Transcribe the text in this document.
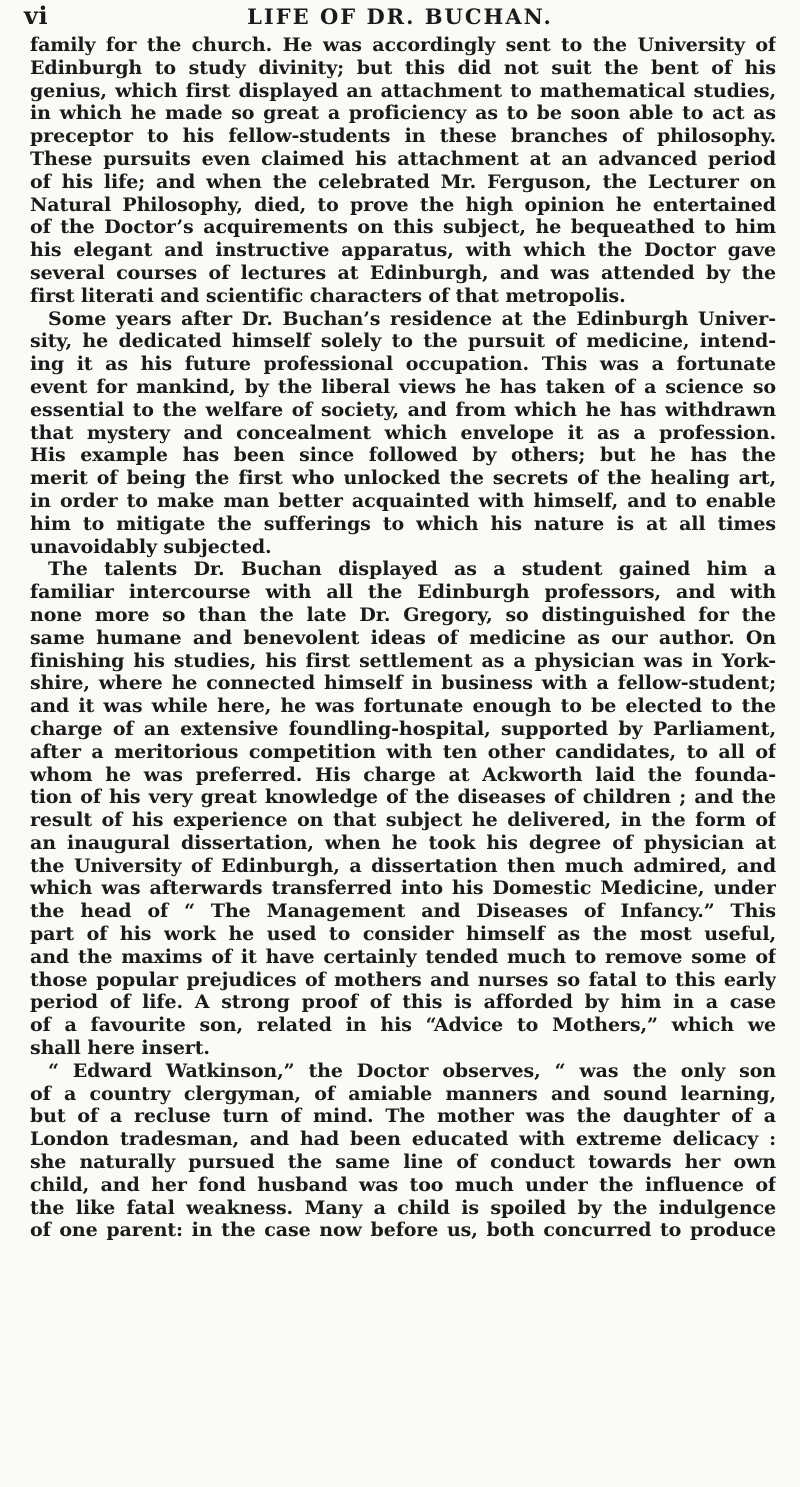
vi	LIFE OF DR. BUCHAN.
family for the church. He was accordingly sent to the University of
Edinburgh to study divinity; but this did not suit the bent of his
genius, which first displayed an attachment to mathematical studies,
in which he made so great a proficiency as to be soon able to act as
preceptor to his fellow-students in these branches of philosophy.
These pursuits even claimed his attachment at an advanced period
of his life; and when the celebrated Mr. Ferguson, the Lecturer on
Natural Philosophy, died, to prove the high opinion he entertained
of the Doctor’s acquirements on this subject, he bequeathed to him
his elegant and instructive apparatus, with which the Doctor gave
several courses of lectures at Edinburgh, and was attended by the
first literati and scientific characters of that metropolis.
Some years after Dr. Buchan’s residence at the Edinburgh Univer-
sity, he dedicated himself solely to the pursuit of medicine, intend-
ing it as his future professional occupation. This was a fortunate
event for mankind, by the liberal views he has taken of a science so
essential to the welfare of society, and from which he has withdrawn
that mystery and concealment which envelope it as a profession.
His example has been since followed by others; but he has the
merit of being the first who unlocked the secrets of the healing art,
in order to make man better acquainted with himself, and to enable
him to mitigate the sufferings to which his nature is at all times
unavoidably subjected.
The talents Dr. Buchan displayed as a student gained him a
familiar intercourse with all the Edinburgh professors, and with
none more so than the late Dr. Gregory, so distinguished for the
same humane and benevolent ideas of medicine as our author. On
finishing his studies, his first settlement as a physician was in York-
shire, where he connected himself in business with a fellow-student;
and it was while here, he was fortunate enough to be elected to the
charge of an extensive foundling-hospital, supported by Parliament,
after a meritorious competition with ten other candidates, to all of
whom he was preferred. His charge at Ackworth laid the founda-
tion of his very great knowledge of the diseases of children ; and the
result of his experience on that subject he delivered, in the form of
an inaugural dissertation, when he took his degree of physician at
the University of Edinburgh, a dissertation then much admired, and
which was afterwards transferred into his Domestic Medicine, under
the head of “ The Management and Diseases of Infancy.” This
part of his work he used to consider himself as the most useful,
and the maxims of it have certainly tended much to remove some of
those popular prejudices of mothers and nurses so fatal to this early
period of life. A strong proof of this is afforded by him in a case
of a favourite son, related in his “Advice to Mothers,” which we
shall here insert.
“ Edward Watkinson,” the Doctor observes, “ was the only son
of a country clergyman, of amiable manners and sound learning,
but of a recluse turn of mind. The mother was the daughter of a
London tradesman, and had been educated with extreme delicacy :
she naturally pursued the same line of conduct towards her own
child, and her fond husband was too much under the influence of
the like fatal weakness. Many a child is spoiled by the indulgence
of one parent: in the case now before us, both concurred to produce
